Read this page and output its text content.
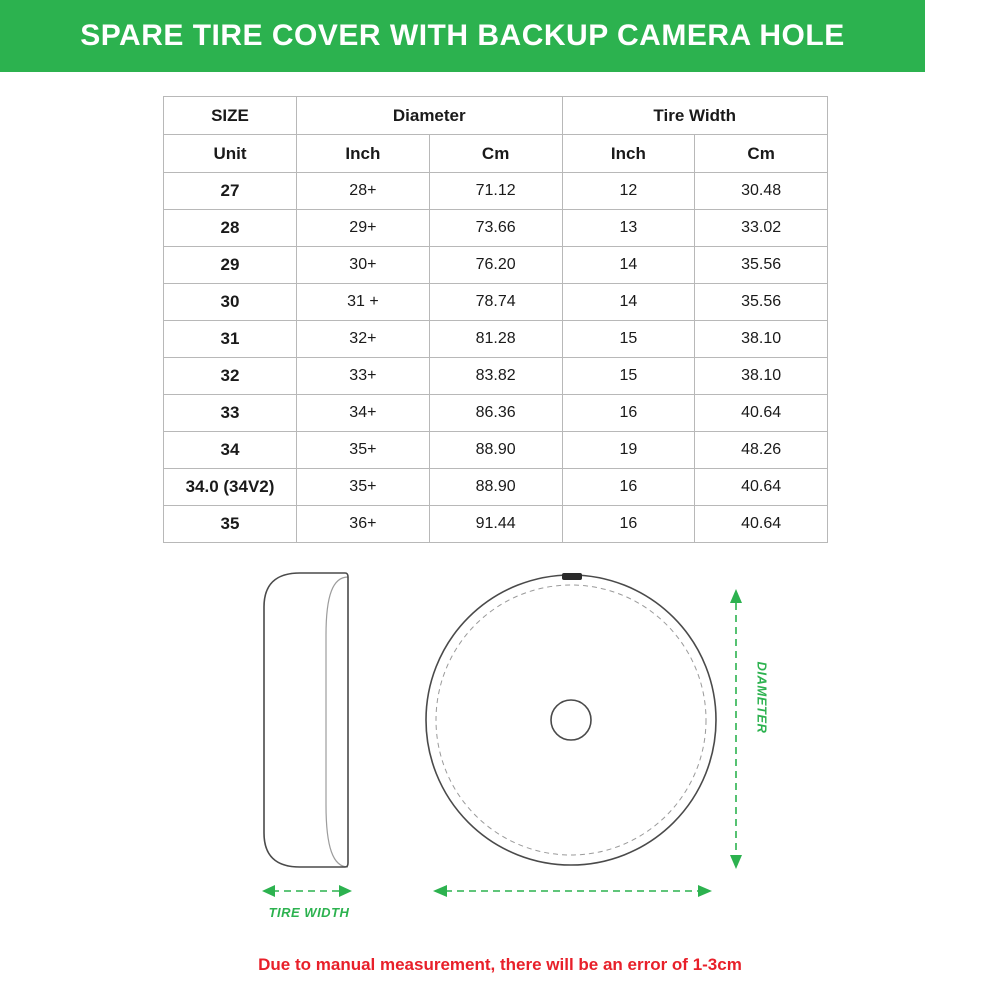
SPARE TIRE COVER WITH BACKUP CAMERA HOLE
SIZE	Diameter		Tire Width	
Unit	Inch	Cm	Inch	Cm
27	28+	71.12	12	30.48
28	29+	73.66	13	33.02
29	30+	76.20	14	35.56
30	31 +	78.74	14	35.56
31	32+	81.28	15	38.10
32	33+	83.82	15	38.10
33	34+	86.36	16	40.64
34	35+	88.90	19	48.26
34.0 (34V2)	35+	88.90	16	40.64
35	36+	91.44	16	40.64
TIRE WIDTH
DIAMETER
Due to manual measurement, there will be an error of 1-3cm
